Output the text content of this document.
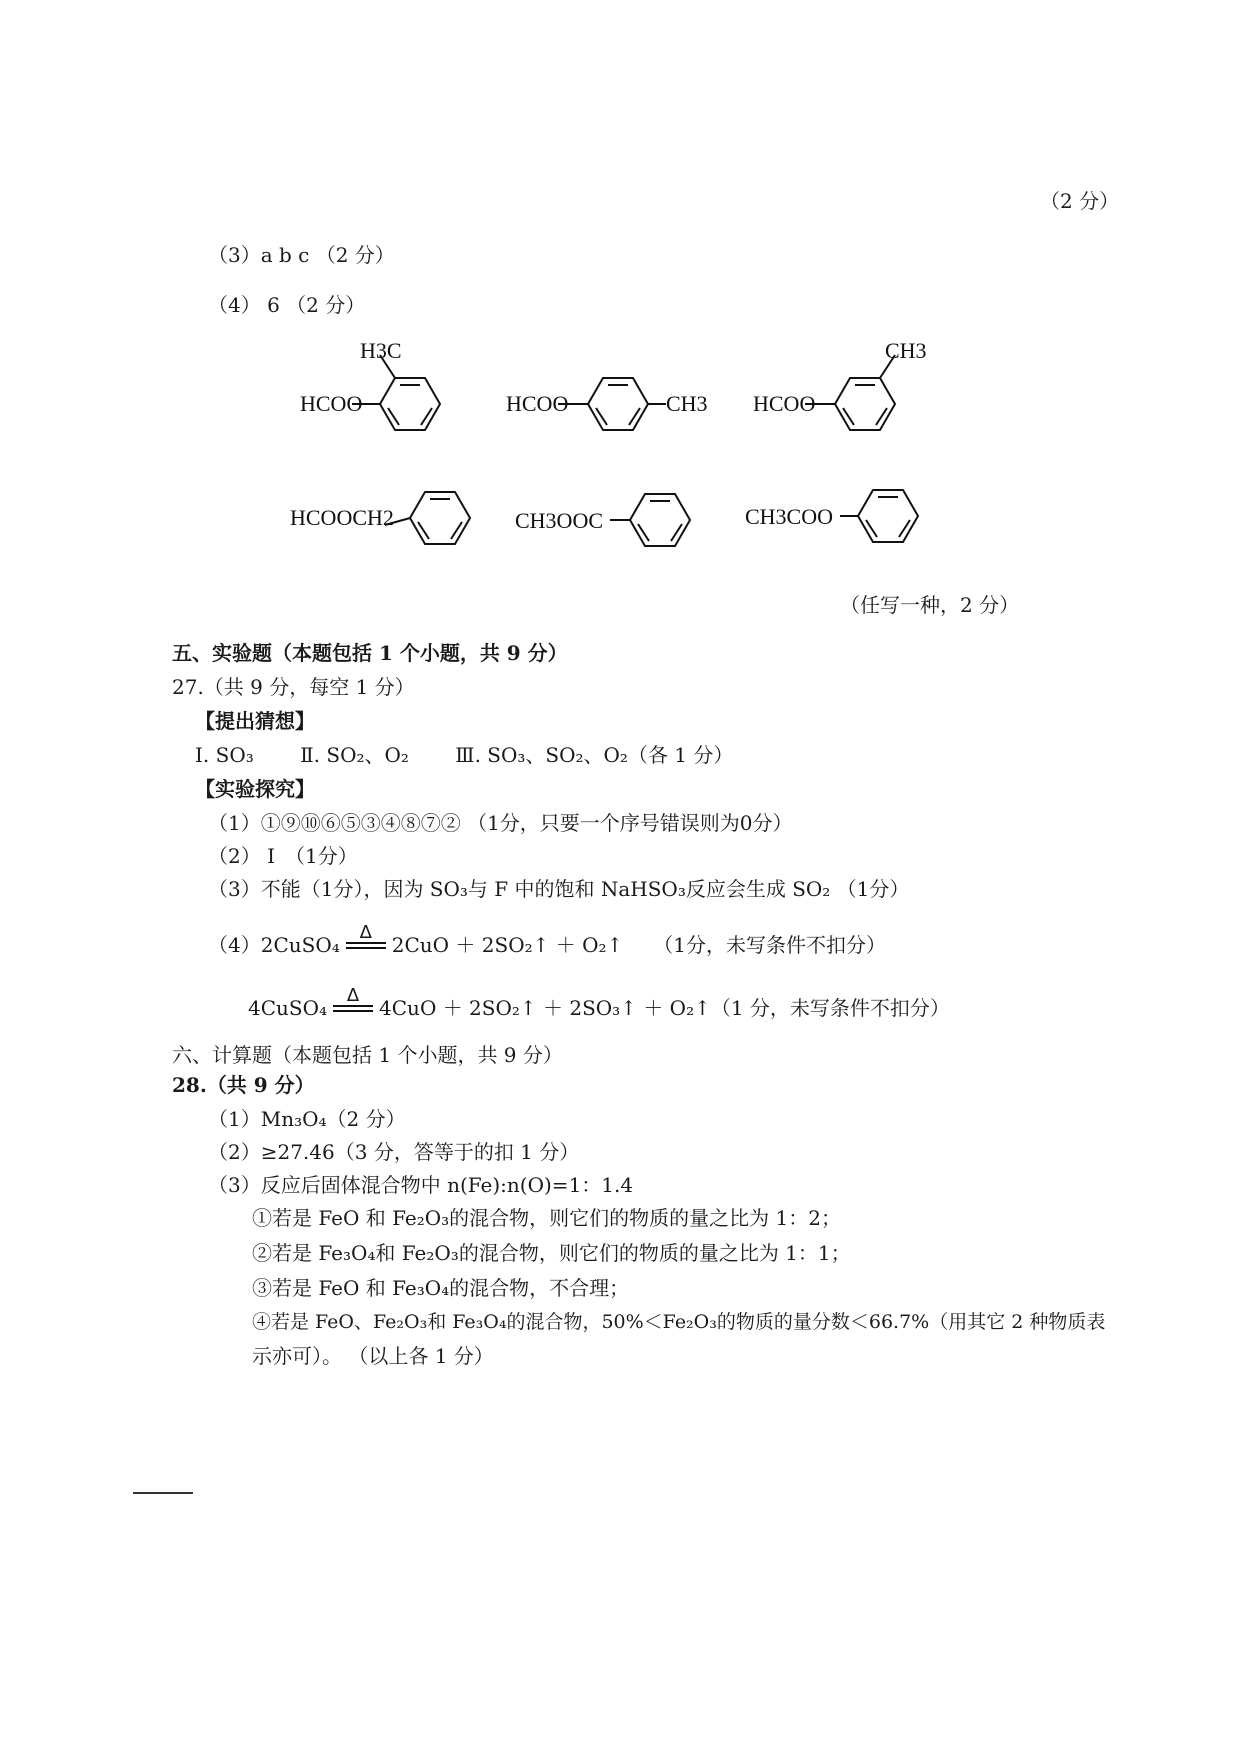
（2 分）
（3）a b c （2 分）
（4） 6 （2 分）
H3C
HCOO	HCOO	CH3 HCOO
CH3
HCOOCH2	CH3OOC	CH3COO
（任写一种，2 分）
五、实验题（本题包括 1 个小题，共 9 分）
27.（共 9 分，每空 1 分）
【提出猜想】
Ⅰ. SO₃　　 Ⅱ. SO₂、O₂　　 Ⅲ. SO₃、SO₂、O₂（各 1 分）
【实验探究】
（1）①⑨⑩⑥⑤③④⑧⑦② （1分，只要一个序号错误则为0分）
（2） Ⅰ　（1分）
（3）不能（1分），因为 SO₃与 F 中的饱和 NaHSO₃反应会生成 SO₂ （1分）
（4）2CuSO₄
Δ
2CuO ＋ 2SO₂↑ ＋ O₂↑　　（1分，未写条件不扣分）
4CuSO₄
Δ
4CuO ＋ 2SO₂↑ ＋ 2SO₃↑ ＋ O₂↑（1 分，未写条件不扣分）
六、计算题（本题包括 1 个小题，共 9 分）
28.（共 9 分）
（1）Mn₃O₄（2 分）
（2）≥27.46（3 分，答等于的扣 1 分）
（3）反应后固体混合物中 n(Fe):n(O)=1：1.4
①若是 FeO 和 Fe₂O₃的混合物，则它们的物质的量之比为 1：2；
②若是 Fe₃O₄和 Fe₂O₃的混合物，则它们的物质的量之比为 1：1；
③若是 FeO 和 Fe₃O₄的混合物，不合理；
④若是 FeO、Fe₂O₃和 Fe₃O₄的混合物，50%＜Fe₂O₃的物质的量分数＜66.7%（用其它 2 种物质表
示亦可）。 （以上各 1 分）
